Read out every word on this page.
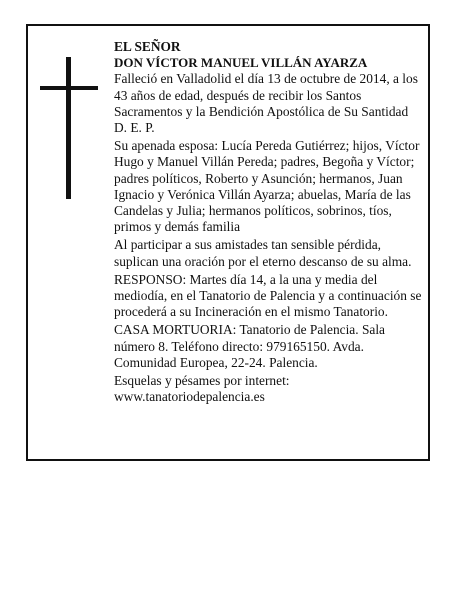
EL SEÑOR

DON VÍCTOR MANUEL VILLÁN AYARZA

Falleció en Valladolid el día 13 de octubre de 2014, a los 43 años de edad, después de recibir los Santos Sacramentos y la Bendición Apostólica de Su Santidad

D. E. P.

Su apenada esposa: Lucía Pereda Gutiérrez; hijos, Víctor Hugo y Manuel Villán Pereda; padres, Begoña y Víctor; padres políticos, Roberto y Asunción; hermanos, Juan Ignacio y Verónica Villán Ayarza; abuelas, María de las Candelas y Julia; hermanos políticos, sobrinos, tíos, primos y demás familia

Al participar a sus amistades tan sensible pérdida, suplican una oración por el eterno descanso de su alma.

RESPONSO: Martes día 14, a la una y media del mediodía, en el Tanatorio de Palencia y a continuación se procederá a su Incineración en el mismo Tanatorio.

CASA MORTUORIA: Tanatorio de Palencia. Sala número 8. Teléfono directo: 979165150. Avda. Comunidad Europea, 22-24. Palencia.

Esquelas y pésames por internet:

www.tanatoriodepalencia.es
